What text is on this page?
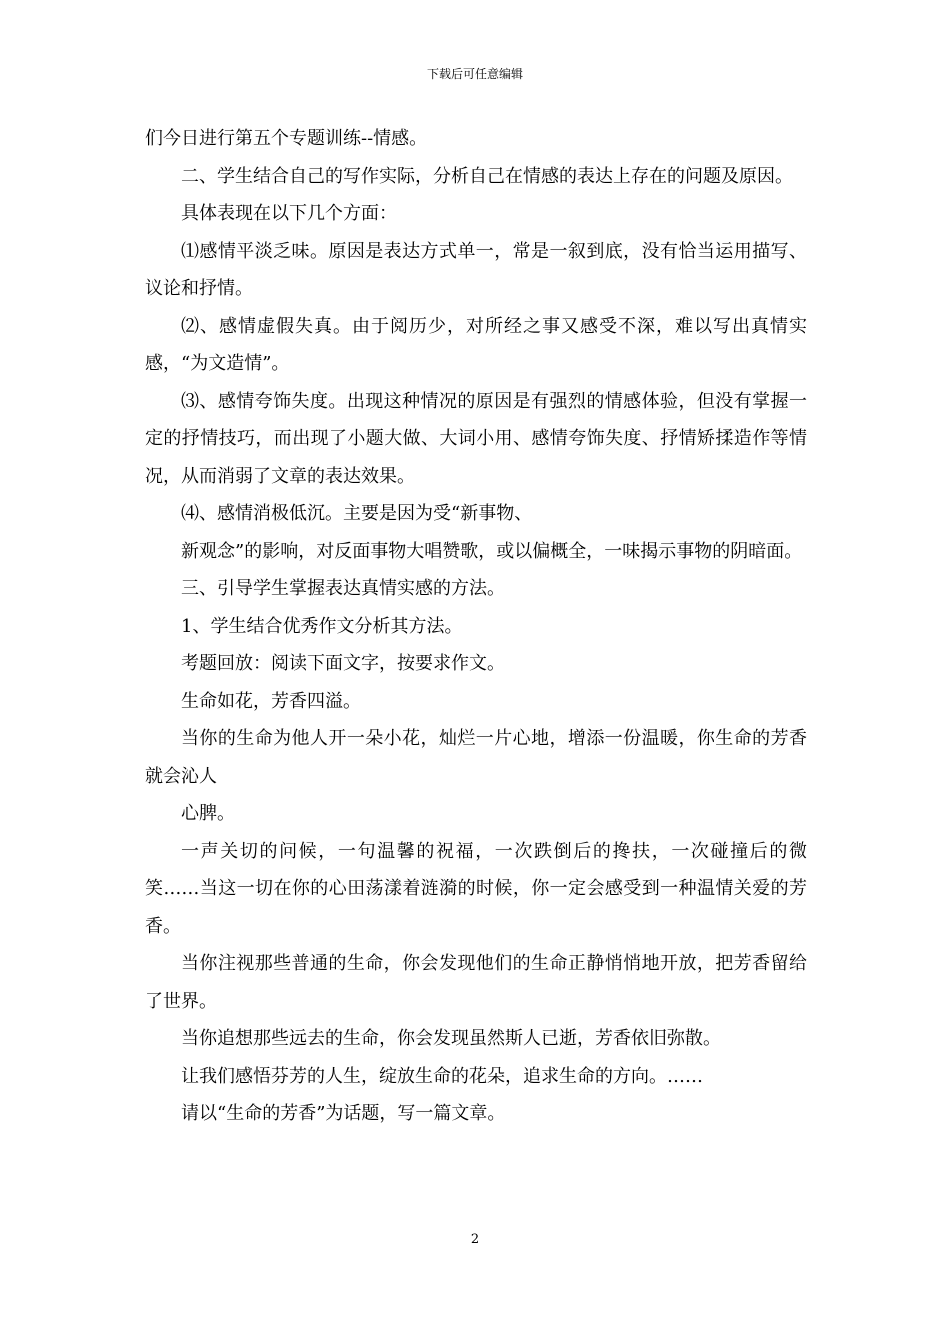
下载后可任意编辑

们今日进行第五个专题训练--情感。

二、学生结合自己的写作实际，分析自己在情感的表达上存在的问题及原因。

具体表现在以下几个方面：

⑴感情平淡乏味。原因是表达方式单一，常是一叙到底，没有恰当运用描写、议论和抒情。

⑵、感情虚假失真。由于阅历少，对所经之事又感受不深，难以写出真情实感，“为文造情”。

⑶、感情夸饰失度。出现这种情况的原因是有强烈的情感体验，但没有掌握一定的抒情技巧，而出现了小题大做、大词小用、感情夸饰失度、抒情矫揉造作等情况，从而消弱了文章的表达效果。

⑷、感情消极低沉。主要是因为受“新事物、

新观念”的影响，对反面事物大唱赞歌，或以偏概全，一味揭示事物的阴暗面。

三、引导学生掌握表达真情实感的方法。

1、学生结合优秀作文分析其方法。

考题回放：阅读下面文字，按要求作文。

生命如花，芳香四溢。

当你的生命为他人开一朵小花，灿烂一片心地，增添一份温暖，你生命的芳香就会沁人

心脾。

一声关切的问候，一句温馨的祝福，一次跌倒后的搀扶，一次碰撞后的微笑……当这一切在你的心田荡漾着涟漪的时候，你一定会感受到一种温情关爱的芳香。

当你注视那些普通的生命，你会发现他们的生命正静悄悄地开放，把芳香留给了世界。

当你追想那些远去的生命，你会发现虽然斯人已逝，芳香依旧弥散。

让我们感悟芬芳的人生，绽放生命的花朵，追求生命的方向。……

请以“生命的芳香”为话题，写一篇文章。

2
